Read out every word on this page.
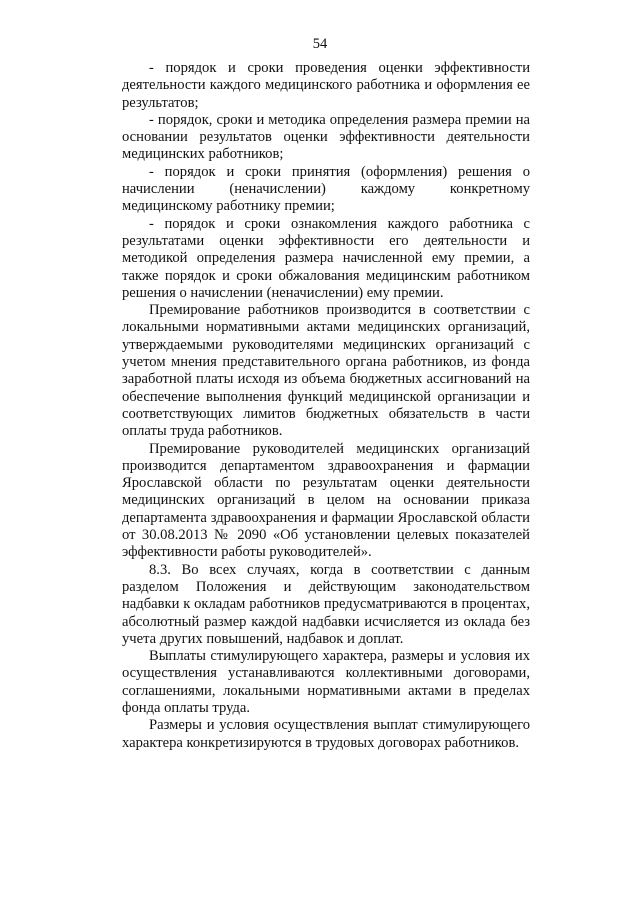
54

- порядок и сроки проведения оценки эффективности деятельности каждого медицинского работника и оформления ее результатов;

- порядок, сроки и методика определения размера премии на основании результатов оценки эффективности деятельности медицинских работников;

- порядок и сроки принятия (оформления) решения о начислении (неначислении) каждому конкретному медицинскому работнику премии;

- порядок и сроки ознакомления каждого работника с результатами оценки эффективности его деятельности и методикой определения размера начисленной ему премии, а также порядок и сроки обжалования медицинским работником решения о начислении (неначислении) ему премии.

Премирование работников производится в соответствии с локальными нормативными актами медицинских организаций, утверждаемыми руководителями медицинских организаций с учетом мнения представительного органа работников, из фонда заработной платы исходя из объема бюджетных ассигнований на обеспечение выполнения функций медицинской организации и соответствующих лимитов бюджетных обязательств в части оплаты труда работников.

Премирование руководителей медицинских организаций производится департаментом здравоохранения и фармации Ярославской области по результатам оценки деятельности медицинских организаций в целом на основании приказа департамента здравоохранения и фармации Ярославской области от 30.08.2013 № 2090 «Об установлении целевых показателей эффективности работы руководителей».

8.3. Во всех случаях, когда в соответствии с данным разделом Положения и действующим законодательством надбавки к окладам работников предусматриваются в процентах, абсолютный размер каждой надбавки исчисляется из оклада без учета других повышений, надбавок и доплат.

Выплаты стимулирующего характера, размеры и условия их осуществления устанавливаются коллективными договорами, соглашениями, локальными нормативными актами в пределах фонда оплаты труда.

Размеры и условия осуществления выплат стимулирующего характера конкретизируются в трудовых договорах работников.
